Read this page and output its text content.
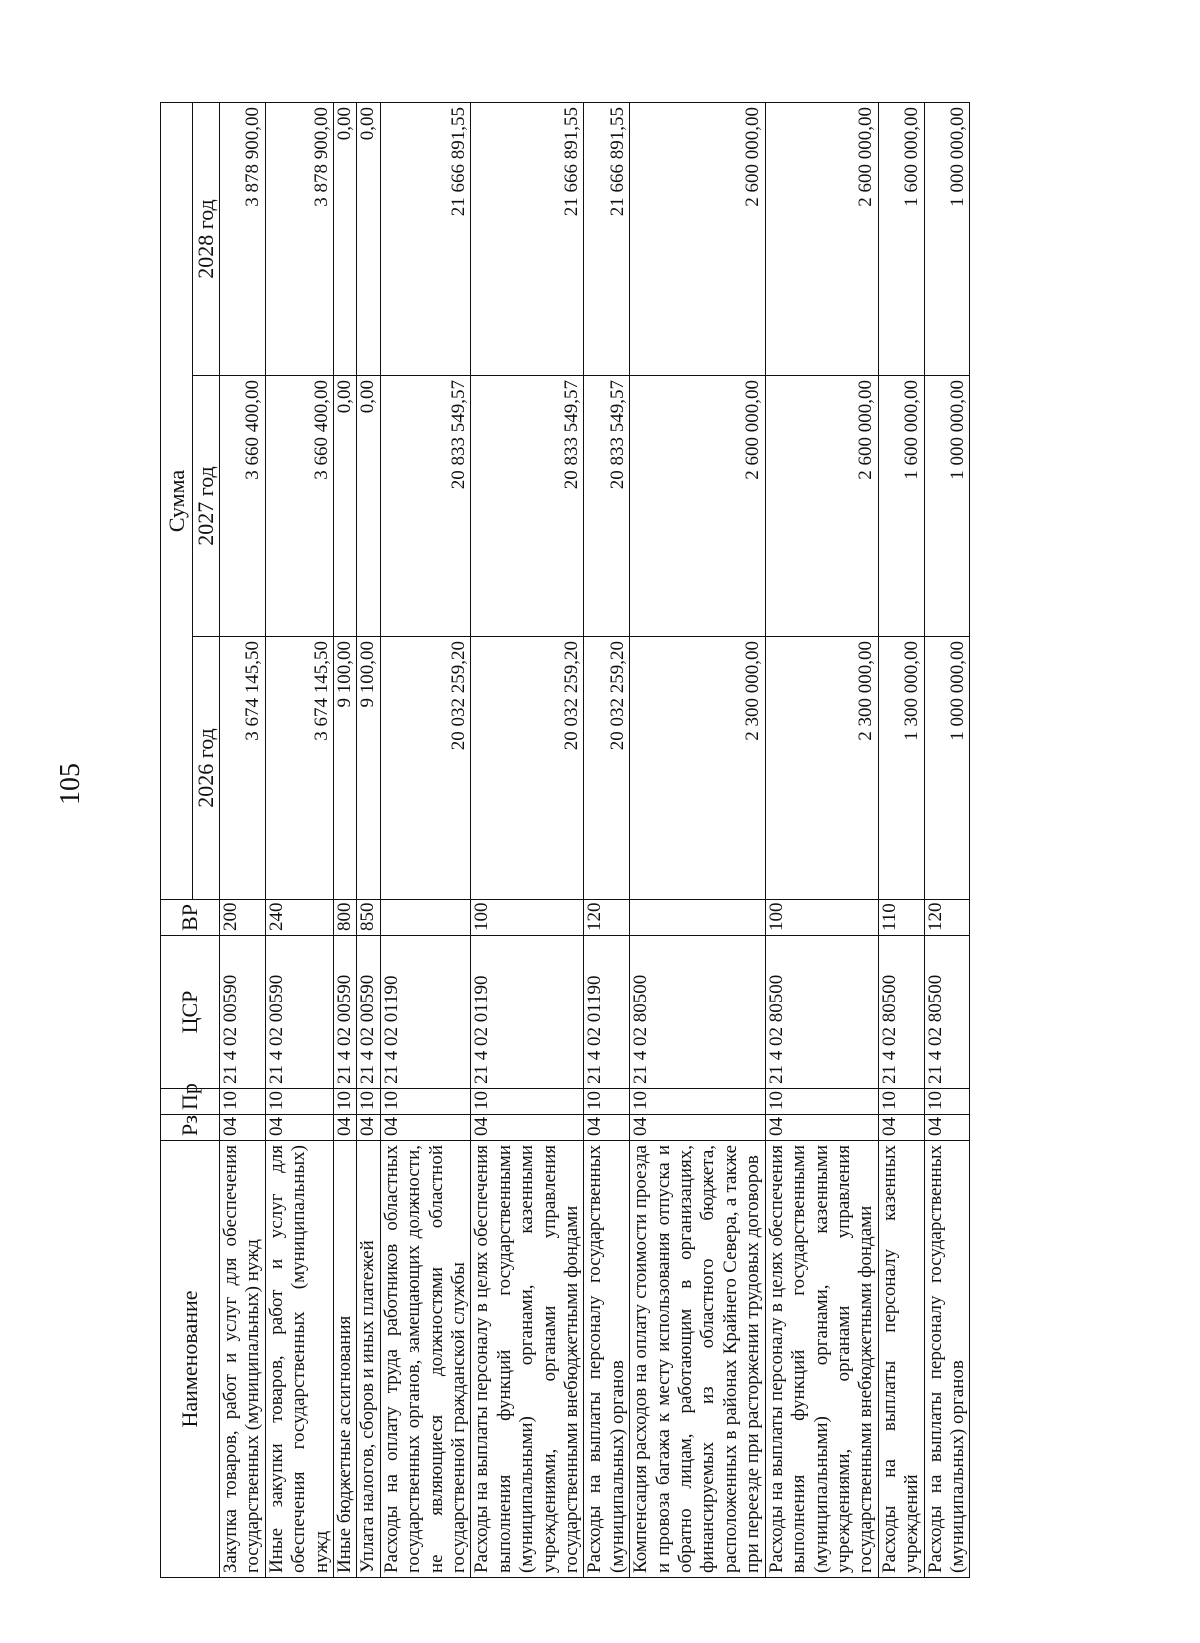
105
Наименование	Рз	Пр	ЦСР	ВР	Сумма		
					2026 год	2027 год	2028 год
Закупка товаров, работ и услуг для обеспечения государственных (муниципальных) нужд	04	10	21 4 02 00590	200	3 674 145,50	3 660 400,00	3 878 900,00
Иные закупки товаров, работ и услуг для обеспечения государственных (муниципальных) нужд	04	10	21 4 02 00590	240	3 674 145,50	3 660 400,00	3 878 900,00
Иные бюджетные ассигнования	04	10	21 4 02 00590	800	9 100,00	0,00	0,00
Уплата налогов, сборов и иных платежей	04	10	21 4 02 00590	850	9 100,00	0,00	0,00
Расходы на оплату труда работников областных государственных органов, замещающих должности, не являющиеся должностями областной государственной гражданской службы	04	10	21 4 02 01190		20 032 259,20	20 833 549,57	21 666 891,55
Расходы на выплаты персоналу в целях обеспечения выполнения функций государственными (муниципальными) органами, казенными учреждениями, органами управления государственными внебюджетными фондами	04	10	21 4 02 01190	100	20 032 259,20	20 833 549,57	21 666 891,55
Расходы на выплаты персоналу государственных (муниципальных) органов	04	10	21 4 02 01190	120	20 032 259,20	20 833 549,57	21 666 891,55
Компенсация расходов на оплату стоимости проезда и провоза багажа к месту использования отпуска и обратно лицам, работающим в организациях, финансируемых из областного бюджета, расположенных в районах Крайнего Севера, а также при переезде при расторжении трудовых договоров	04	10	21 4 02 80500		2 300 000,00	2 600 000,00	2 600 000,00
Расходы на выплаты персоналу в целях обеспечения выполнения функций государственными (муниципальными) органами, казенными учреждениями, органами управления государственными внебюджетными фондами	04	10	21 4 02 80500	100	2 300 000,00	2 600 000,00	2 600 000,00
Расходы на выплаты персоналу казенных учреждений	04	10	21 4 02 80500	110	1 300 000,00	1 600 000,00	1 600 000,00
Расходы на выплаты персоналу государственных (муниципальных) органов	04	10	21 4 02 80500	120	1 000 000,00	1 000 000,00	1 000 000,00
